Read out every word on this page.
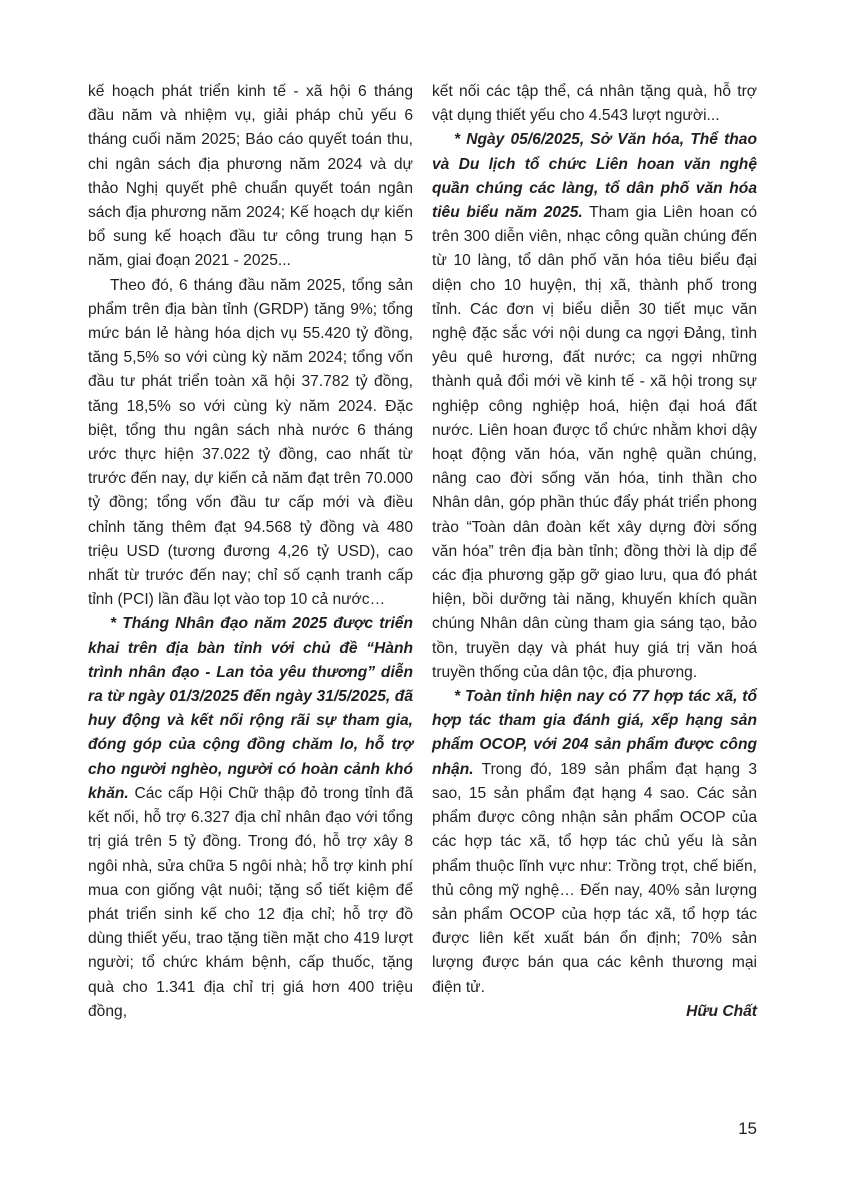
kế hoạch phát triển kinh tế - xã hội 6 tháng đầu năm và nhiệm vụ, giải pháp chủ yếu 6 tháng cuối năm 2025; Báo cáo quyết toán thu, chi ngân sách địa phương năm 2024 và dự thảo Nghị quyết phê chuẩn quyết toán ngân sách địa phương năm 2024; Kế hoạch dự kiến bổ sung kế hoạch đầu tư công trung hạn 5 năm, giai đoạn 2021 - 2025...

Theo đó, 6 tháng đầu năm 2025, tổng sản phẩm trên địa bàn tỉnh (GRDP) tăng 9%; tổng mức bán lẻ hàng hóa dịch vụ 55.420 tỷ đồng, tăng 5,5% so với cùng kỳ năm 2024; tổng vốn đầu tư phát triển toàn xã hội 37.782 tỷ đồng, tăng 18,5% so với cùng kỳ năm 2024. Đặc biệt, tổng thu ngân sách nhà nước 6 tháng ước thực hiện 37.022 tỷ đồng, cao nhất từ trước đến nay, dự kiến cả năm đạt trên 70.000 tỷ đồng; tổng vốn đầu tư cấp mới và điều chỉnh tăng thêm đạt 94.568 tỷ đồng và 480 triệu USD (tương đương 4,26 tỷ USD), cao nhất từ trước đến nay; chỉ số cạnh tranh cấp tỉnh (PCI) lần đầu lọt vào top 10 cả nước…

* Tháng Nhân đạo năm 2025 được triển khai trên địa bàn tỉnh với chủ đề “Hành trình nhân đạo - Lan tỏa yêu thương” diễn ra từ ngày 01/3/2025 đến ngày 31/5/2025, đã huy động và kết nối rộng rãi sự tham gia, đóng góp của cộng đồng chăm lo, hỗ trợ cho người nghèo, người có hoàn cảnh khó khăn. Các cấp Hội Chữ thập đỏ trong tỉnh đã kết nối, hỗ trợ 6.327 địa chỉ nhân đạo với tổng trị giá trên 5 tỷ đồng. Trong đó, hỗ trợ xây 8 ngôi nhà, sửa chữa 5 ngôi nhà; hỗ trợ kinh phí mua con giống vật nuôi; tặng sổ tiết kiệm để phát triển sinh kế cho 12 địa chỉ; hỗ trợ đồ dùng thiết yếu, trao tặng tiền mặt cho 419 lượt người; tổ chức khám bệnh, cấp thuốc, tặng quà cho 1.341 địa chỉ trị giá hơn 400 triệu đồng,

kết nối các tập thể, cá nhân tặng quà, hỗ trợ vật dụng thiết yếu cho 4.543 lượt người...

* Ngày 05/6/2025, Sở Văn hóa, Thể thao và Du lịch tổ chức Liên hoan văn nghệ quần chúng các làng, tổ dân phố văn hóa tiêu biểu năm 2025. Tham gia Liên hoan có trên 300 diễn viên, nhạc công quần chúng đến từ 10 làng, tổ dân phố văn hóa tiêu biểu đại diện cho 10 huyện, thị xã, thành phố trong tỉnh. Các đơn vị biểu diễn 30 tiết mục văn nghệ đặc sắc với nội dung ca ngợi Đảng, tình yêu quê hương, đất nước; ca ngợi những thành quả đổi mới về kinh tế - xã hội trong sự nghiệp công nghiệp hoá, hiện đại hoá đất nước. Liên hoan được tổ chức nhằm khơi dậy hoạt động văn hóa, văn nghệ quần chúng, nâng cao đời sống văn hóa, tinh thần cho Nhân dân, góp phần thúc đẩy phát triển phong trào “Toàn dân đoàn kết xây dựng đời sống văn hóa” trên địa bàn tỉnh; đồng thời là dịp để các địa phương gặp gỡ giao lưu, qua đó phát hiện, bồi dưỡng tài năng, khuyến khích quần chúng Nhân dân cùng tham gia sáng tạo, bảo tồn, truyền dạy và phát huy giá trị văn hoá truyền thống của dân tộc, địa phương.

* Toàn tỉnh hiện nay có 77 hợp tác xã, tổ hợp tác tham gia đánh giá, xếp hạng sản phẩm OCOP, với 204 sản phẩm được công nhận. Trong đó, 189 sản phẩm đạt hạng 3 sao, 15 sản phẩm đạt hạng 4 sao. Các sản phẩm được công nhận sản phẩm OCOP của các hợp tác xã, tổ hợp tác chủ yếu là sản phẩm thuộc lĩnh vực như: Trồng trọt, chế biến, thủ công mỹ nghệ… Đến nay, 40% sản lượng sản phẩm OCOP của hợp tác xã, tổ hợp tác được liên kết xuất bán ổn định; 70% sản lượng được bán qua các kênh thương mại điện tử.

Hữu Chất

15
